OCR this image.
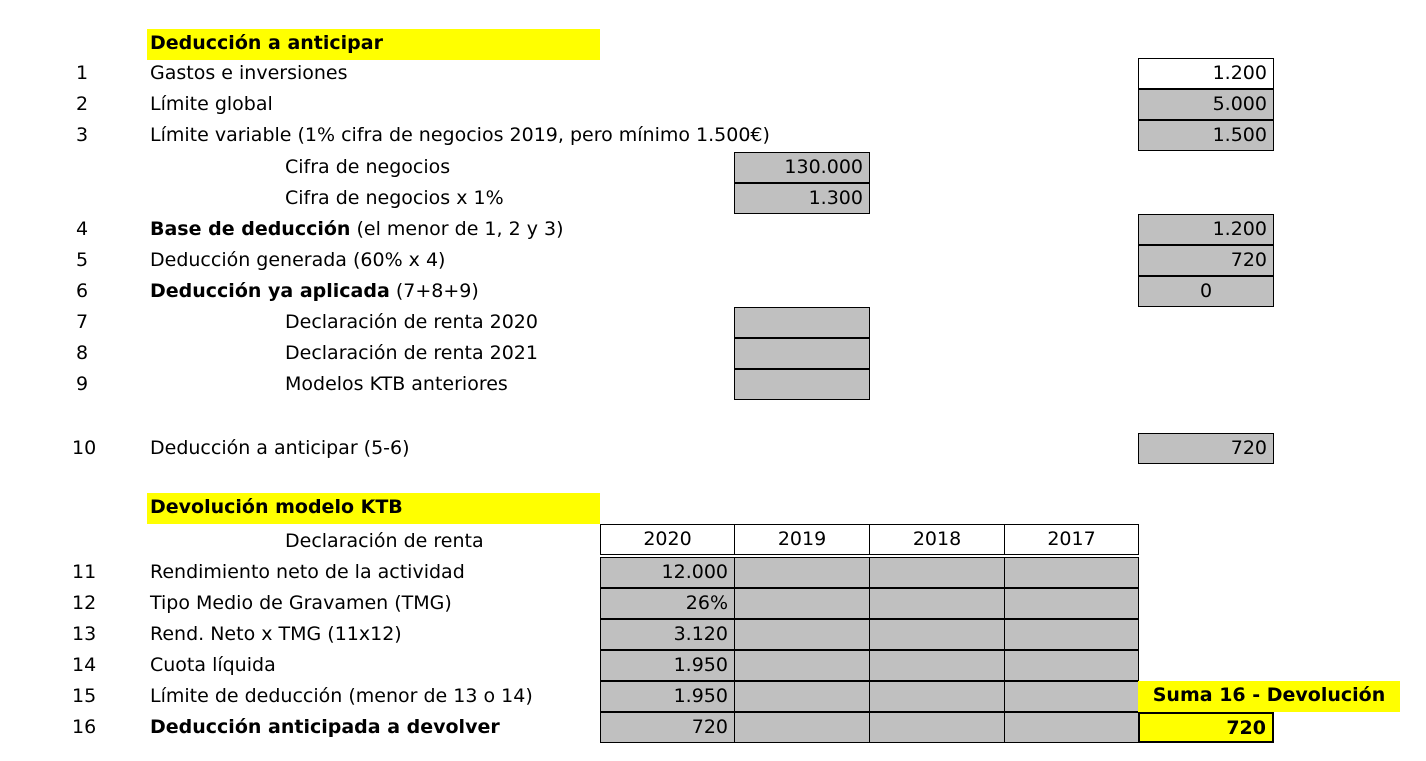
Deducción a anticipar
1	Gastos e inversiones	1.200
2	Límite global	5.000
3	Límite variable (1% cifra de negocios 2019, pero mínimo 1.500€)	1.500
Cifra de negocios	130.000
Cifra de negocios x 1%	1.300
4	Base de deducción (el menor de 1, 2 y 3)	1.200
5	Deducción generada (60% x 4)	720
6	Deducción ya aplicada (7+8+9)	0
7	Declaración de renta 2020
8	Declaración de renta 2021
9	Modelos KTB anteriores
10	Deducción a anticipar (5-6)	720
Devolución modelo KTB
Declaración de renta	2020	2019	2018	2017
11	Rendimiento neto de la actividad	12.000
12	Tipo Medio de Gravamen (TMG)	26%
13	Rend. Neto x TMG (11x12)	3.120
14	Cuota líquida	1.950
15	Límite de deducción (menor de 13 o 14)	1.950
16	Deducción anticipada a devolver	720
Suma 16 - Devolución
720
